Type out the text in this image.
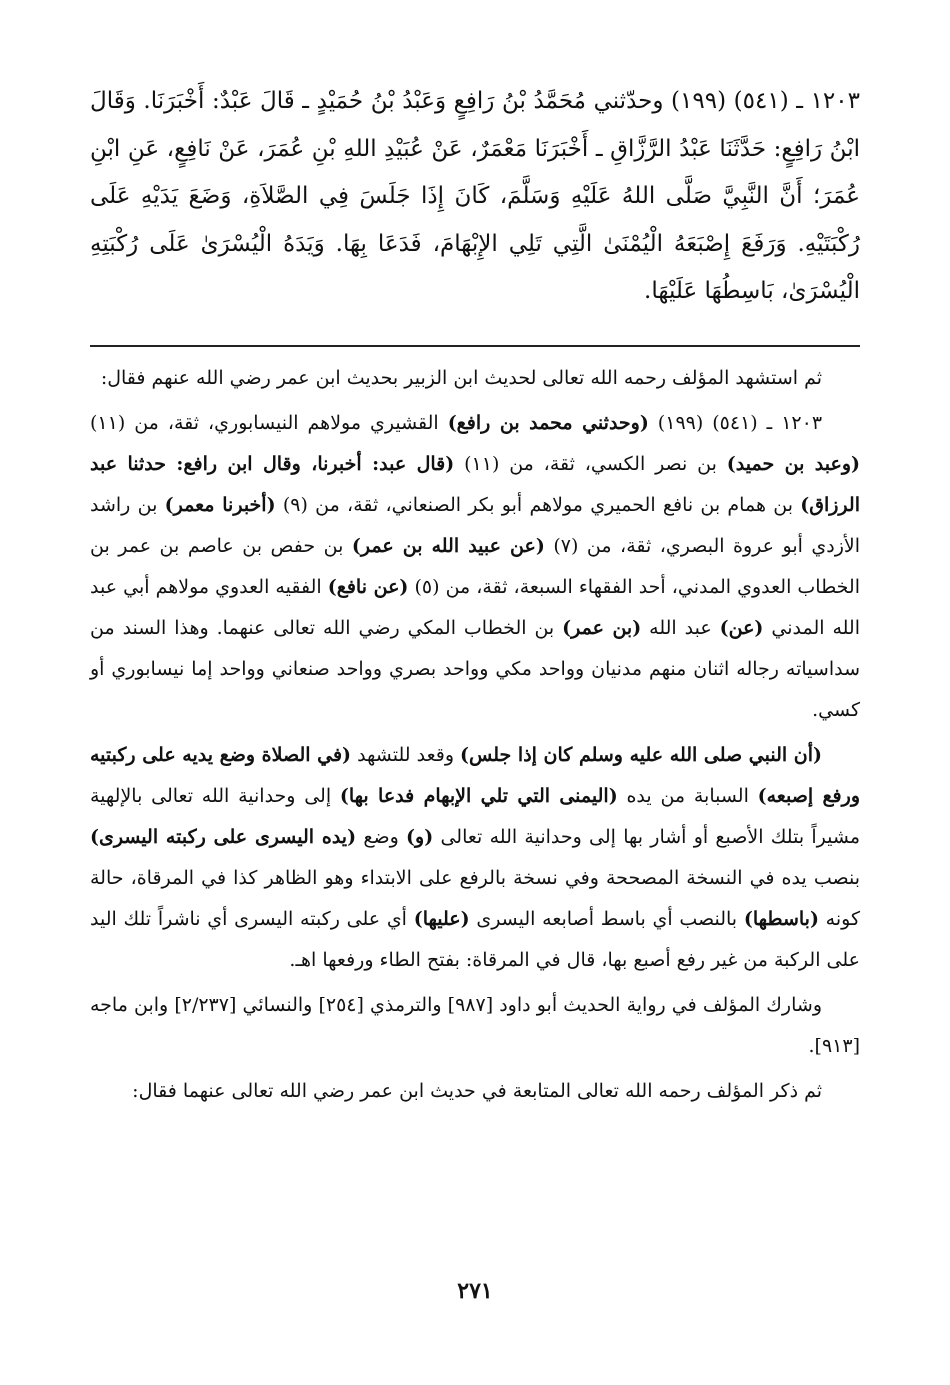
١٢٠٣ ـ (٥٤١) (١٩٩) وحدّثني مُحَمَّدُ بْنُ رَافِعٍ وَعَبْدُ بْنُ حُمَيْدٍ ـ قَالَ عَبْدٌ: أَخْبَرَنَا. وَقَالَ ابْنُ رَافِعٍ: حَدَّثَنَا عَبْدُ الرَّزَّاقِ ـ أَخْبَرَنَا مَعْمَرٌ، عَنْ عُبَيْدِ اللهِ بْنِ عُمَرَ، عَنْ نَافِعٍ، عَنِ ابْنِ عُمَرَ؛ أَنَّ النَّبِيَّ صَلَّى اللهُ عَلَيْهِ وَسَلَّمَ، كَانَ إِذَا جَلَسَ فِي الصَّلاَةِ، وَضَعَ يَدَيْهِ عَلَى رُكْبَتَيْهِ. وَرَفَعَ إِصْبَعَهُ الْيُمْنَىٰ الَّتِي تَلِي الإِبْهَامَ، فَدَعَا بِهَا. وَيَدَهُ الْيُسْرَىٰ عَلَى رُكْبَتِهِ الْيُسْرَىٰ، بَاسِطُهَا عَلَيْهَا.

ثم استشهد المؤلف رحمه الله تعالى لحديث ابن الزبير بحديث ابن عمر رضي الله عنهم فقال:

١٢٠٣ ـ (٥٤١) (١٩٩) (وحدثني محمد بن رافع) القشيري مولاهم النيسابوري، ثقة، من (١١) (وعبد بن حميد) بن نصر الكسي، ثقة، من (١١) (قال عبد: أخبرنا، وقال ابن رافع: حدثنا عبد الرزاق) بن همام بن نافع الحميري مولاهم أبو بكر الصنعاني، ثقة، من (٩) (أخبرنا معمر) بن راشد الأزدي أبو عروة البصري، ثقة، من (٧) (عن عبيد الله بن عمر) بن حفص بن عاصم بن عمر بن الخطاب العدوي المدني، أحد الفقهاء السبعة، ثقة، من (٥) (عن نافع) الفقيه العدوي مولاهم أبي عبد الله المدني (عن) عبد الله (بن عمر) بن الخطاب المكي رضي الله تعالى عنهما. وهذا السند من سداسياته رجاله اثنان منهم مدنيان وواحد مكي وواحد بصري وواحد صنعاني وواحد إما نيسابوري أو كسي.

(أن النبي صلى الله عليه وسلم كان إذا جلس) وقعد للتشهد (في الصلاة وضع يديه على ركبتيه ورفع إصبعه) السبابة من يده (اليمنى التي تلي الإبهام فدعا بها) إلى وحدانية الله تعالى بالإلهية مشيراً بتلك الأصبع أو أشار بها إلى وحدانية الله تعالى (و) وضع (يده اليسرى على ركبته اليسرى) بنصب يده في النسخة المصححة وفي نسخة بالرفع على الابتداء وهو الظاهر كذا في المرقاة، حالة كونه (باسطها) بالنصب أي باسط أصابعه اليسرى (عليها) أي على ركبته اليسرى أي ناشراً تلك اليد على الركبة من غير رفع أصبع بها، قال في المرقاة: بفتح الطاء ورفعها اهـ.

وشارك المؤلف في رواية الحديث أبو داود [٩٨٧] والترمذي [٢٥٤] والنسائي [٢/٢٣٧] وابن ماجه [٩١٣].

ثم ذكر المؤلف رحمه الله تعالى المتابعة في حديث ابن عمر رضي الله تعالى عنهما فقال:

٢٧١
